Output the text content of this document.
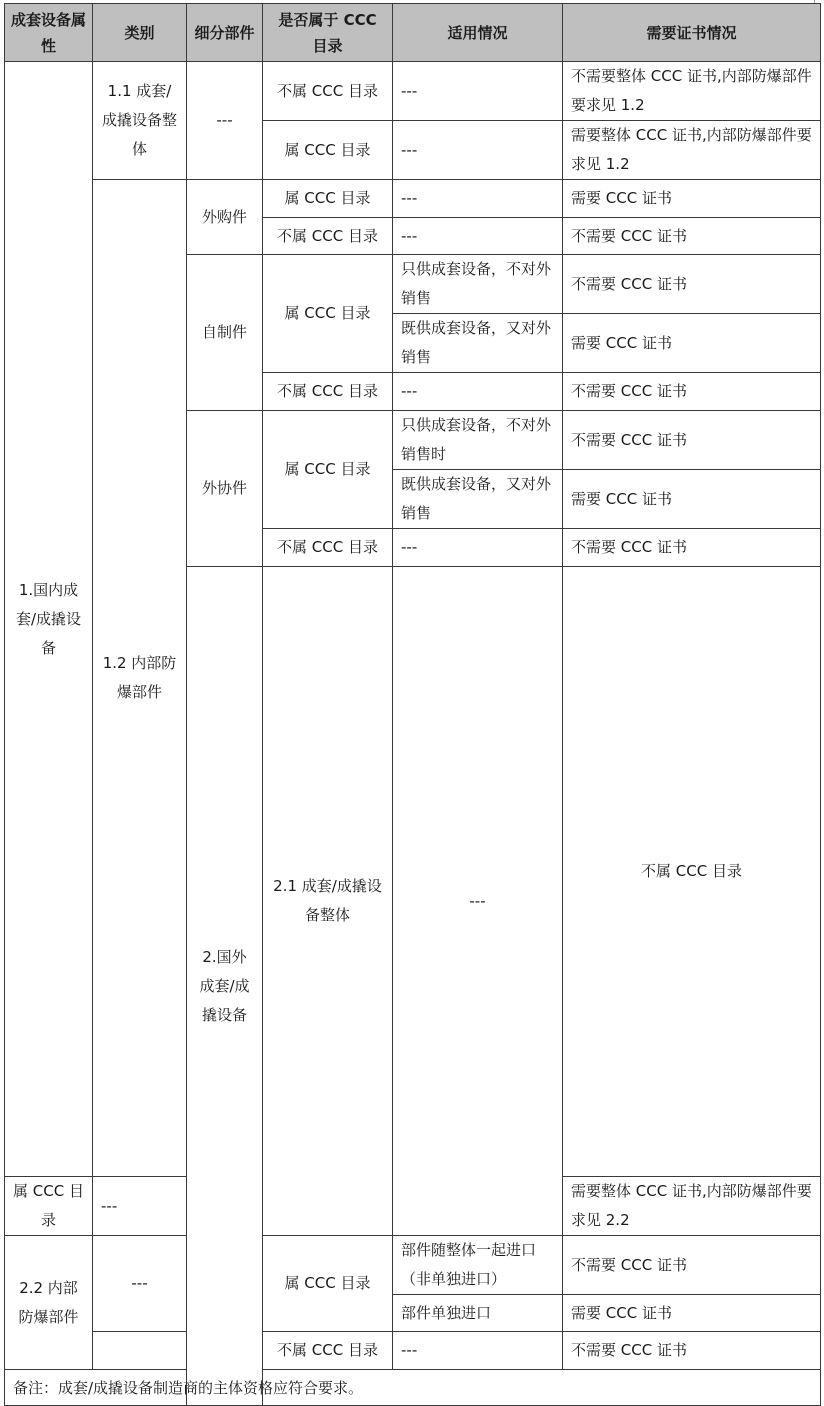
成套设备属性	类别	细分部件	是否属于 CCC 目录	适用情况	需要证书情况	
1.国内成套/成撬设备	1.1 成套/成撬设备整体	---	不属 CCC 目录	---	不需要整体 CCC 证书,内部防爆部件要求见 1.2	
			属 CCC 目录	---	需要整体 CCC 证书,内部防爆部件要求见 1.2	
	1.2 内部防爆部件	外购件	属 CCC 目录	---	需要 CCC 证书	
			不属 CCC 目录	---	不需要 CCC 证书	
		自制件	属 CCC 目录	只供成套设备，不对外销售	不需要 CCC 证书	
				既供成套设备，又对外销售	需要 CCC 证书	
			不属 CCC 目录	---	不需要 CCC 证书	
		外协件	属 CCC 目录	只供成套设备，不对外销售时	不需要 CCC 证书	
				既供成套设备，又对外销售	需要 CCC 证书	
			不属 CCC 目录	---	不需要 CCC 证书	
		2.国外成套/成撬设备	2.1 成套/成撬设备整体	---	不属 CCC 目录		
属 CCC 目录	---				需要整体 CCC 证书,内部防爆部件要求见 2.2	
2.2 内部防爆部件	---		属 CCC 目录	部件随整体一起进口（非单独进口）	不需要 CCC 证书	
				部件单独进口	需要 CCC 证书	
			不属 CCC 目录	---	不需要 CCC 证书	
备注：成套/成撬设备制造商的主体资格应符合要求。						
